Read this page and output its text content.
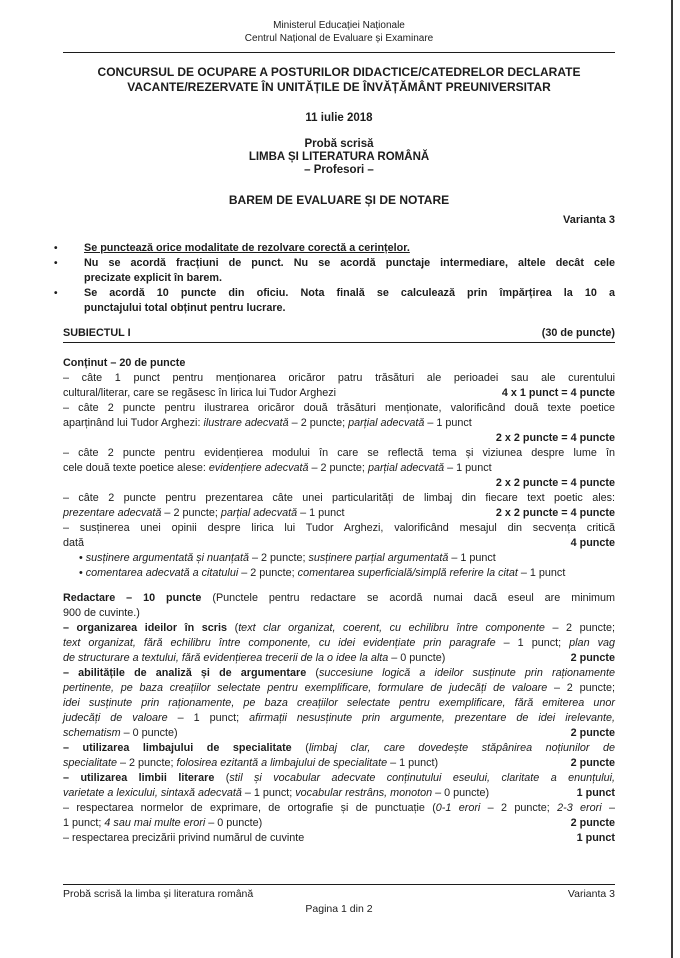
Ministerul Educației Naționale
Centrul Național de Evaluare și Examinare
CONCURSUL DE OCUPARE A POSTURILOR DIDACTICE/CATEDRELOR DECLARATE
VACANTE/REZERVATE ÎN UNITĂȚILE DE ÎNVĂȚĂMÂNT PREUNIVERSITAR
11 iulie 2018
Probă scrisă
LIMBA ȘI LITERATURA ROMÂNĂ
– Profesori –
BAREM DE EVALUARE ȘI DE NOTARE
Varianta 3
•	Se punctează orice modalitate de rezolvare corectă a cerințelor.
•	Nu se acordă fracțiuni de punct. Nu se acordă punctaje intermediare, altele decât cele
precizate explicit în barem.
•	Se acordă 10 puncte din oficiu. Nota finală se calculează prin împărțirea la 10 a
punctajului total obținut pentru lucrare.
SUBIECTUL I	(30 de puncte)
Conținut – 20 de puncte
– câte 1 punct pentru menționarea oricăror patru trăsături ale perioadei sau ale curentului
cultural/literar, care se regăsesc în lirica lui Tudor Arghezi	4 x 1 punct = 4 puncte
– câte 2 puncte pentru ilustrarea oricăror două trăsături menționate, valorificând două texte poetice
aparținând lui Tudor Arghezi: ilustrare adecvată – 2 puncte; parțial adecvată – 1 punct
2 x 2 puncte = 4 puncte
– câte 2 puncte pentru evidențierea modului în care se reflectă tema și viziunea despre lume în
cele două texte poetice alese: evidențiere adecvată – 2 puncte; parțial adecvată – 1 punct
2 x 2 puncte = 4 puncte
– câte 2 puncte pentru prezentarea câte unei particularități de limbaj din fiecare text poetic ales:
prezentare adecvată – 2 puncte; parțial adecvată – 1 punct	2 x 2 puncte = 4 puncte
– susținerea unei opinii despre lirica lui Tudor Arghezi, valorificând mesajul din secvența critică
dată	4 puncte
• susținere argumentată și nuanțată – 2 puncte; susținere parțial argumentată – 1 punct
• comentarea adecvată a citatului – 2 puncte; comentarea superficială/simplă referire la citat – 1 punct
Redactare – 10 puncte (Punctele pentru redactare se acordă numai dacă eseul are minimum
900 de cuvinte.)
– organizarea ideilor în scris (text clar organizat, coerent, cu echilibru între componente – 2 puncte;
text organizat, fără echilibru între componente, cu idei evidențiate prin paragrafe – 1 punct; plan vag
de structurare a textului, fără evidențierea trecerii de la o idee la alta – 0 puncte)	2 puncte
– abilitățile de analiză și de argumentare (succesiune logică a ideilor susținute prin raționamente
pertinente, pe baza creațiilor selectate pentru exemplificare, formulare de judecăți de valoare – 2 puncte;
idei susținute prin raționamente, pe baza creațiilor selectate pentru exemplificare, fără emiterea unor
judecăți de valoare – 1 punct; afirmații nesusținute prin argumente, prezentare de idei irelevante,
schematism – 0 puncte)	2 puncte
– utilizarea limbajului de specialitate (limbaj clar, care dovedește stăpânirea noțiunilor de
specialitate – 2 puncte; folosirea ezitantă a limbajului de specialitate – 1 punct)	2 puncte
– utilizarea limbii literare (stil și vocabular adecvate conținutului eseului, claritate a enunțului,
varietate a lexicului, sintaxă adecvată – 1 punct; vocabular restrâns, monoton – 0 puncte)	1 punct
– respectarea normelor de exprimare, de ortografie și de punctuație (0-1 erori – 2 puncte; 2-3 erori –
1 punct; 4 sau mai multe erori – 0 puncte)	2 puncte
– respectarea precizării privind numărul de cuvinte	1 punct
Probă scrisă la limba și literatura română	Varianta 3
Pagina 1 din 2
